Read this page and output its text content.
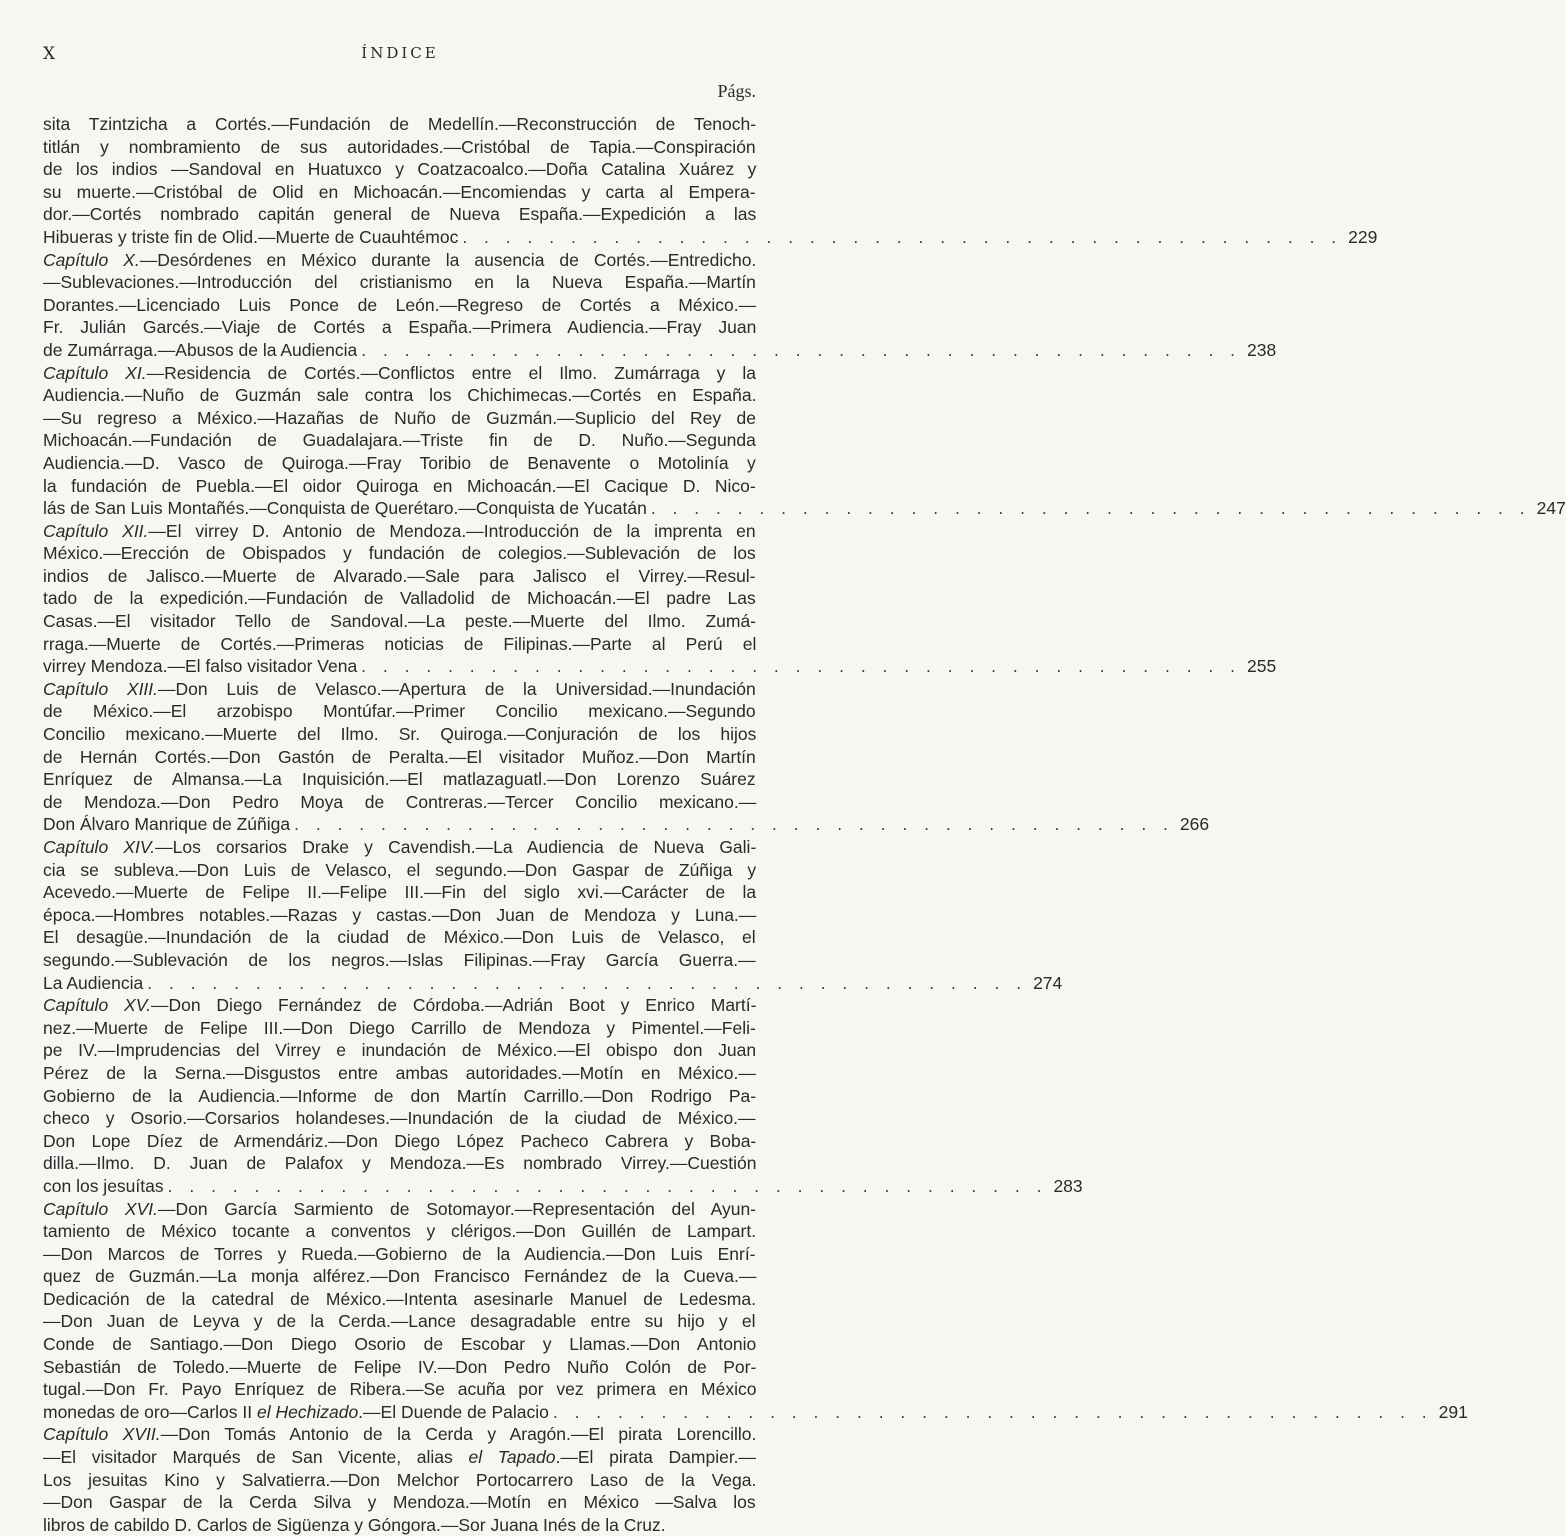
X	ÍNDICE
Págs.
sita Tzintzicha a Cortés.—Fundación de Medellín.—Reconstrucción de Tenoch-
titlán y nombramiento de sus autoridades.—Cristóbal de Tapia.—Conspiración
de los indios —Sandoval en Huatuxco y Coatzacoalco.—Doña Catalina Xuárez y
su muerte.—Cristóbal de Olid en Michoacán.—Encomiendas y carta al Empera-
dor.—Cortés nombrado capitán general de Nueva España.—Expedición a las
Hibueras y triste fin de Olid.—Muerte de Cuauhtémoc . . . . . . . . . . . . . . . . . . . . . . . . . . . . . . . . . . . . . . . . . 229
Capítulo X.—Desórdenes en México durante la ausencia de Cortés.—Entredicho.
—Sublevaciones.—Introducción del cristianismo en la Nueva España.—Martín
Dorantes.—Licenciado Luis Ponce de León.—Regreso de Cortés a México.—
Fr. Julián Garcés.—Viaje de Cortés a España.—Primera Audiencia.—Fray Juan
de Zumárraga.—Abusos de la Audiencia . . . . . . . . . . . . . . . . . . . . . . . . . . . . . . . . . . . . . . . . . 238
Capítulo XI.—Residencia de Cortés.—Conflictos entre el Ilmo. Zumárraga y la
Audiencia.—Nuño de Guzmán sale contra los Chichimecas.—Cortés en España.
—Su regreso a México.—Hazañas de Nuño de Guzmán.—Suplicio del Rey de
Michoacán.—Fundación de Guadalajara.—Triste fin de D. Nuño.—Segunda
Audiencia.—D. Vasco de Quiroga.—Fray Toribio de Benavente o Motolinía y
la fundación de Puebla.—El oidor Quiroga en Michoacán.—El Cacique D. Nico-
lás de San Luis Montañés.—Conquista de Querétaro.—Conquista de Yucatán . . . . . . . . . . . . . . . . . . . . . . . . . . . . . . . . . . . . . . . . . 247
Capítulo XII.—El virrey D. Antonio de Mendoza.—Introducción de la imprenta en
México.—Erección de Obispados y fundación de colegios.—Sublevación de los
indios de Jalisco.—Muerte de Alvarado.—Sale para Jalisco el Virrey.—Resul-
tado de la expedición.—Fundación de Valladolid de Michoacán.—El padre Las
Casas.—El visitador Tello de Sandoval.—La peste.—Muerte del Ilmo. Zumá-
rraga.—Muerte de Cortés.—Primeras noticias de Filipinas.—Parte al Perú el
virrey Mendoza.—El falso visitador Vena . . . . . . . . . . . . . . . . . . . . . . . . . . . . . . . . . . . . . . . . . 255
Capítulo XIII.—Don Luis de Velasco.—Apertura de la Universidad.—Inundación
de México.—El arzobispo Montúfar.—Primer Concilio mexicano.—Segundo
Concilio mexicano.—Muerte del Ilmo. Sr. Quiroga.—Conjuración de los hijos
de Hernán Cortés.—Don Gastón de Peralta.—El visitador Muñoz.—Don Martín
Enríquez de Almansa.—La Inquisición.—El matlazaguatl.—Don Lorenzo Suárez
de Mendoza.—Don Pedro Moya de Contreras.—Tercer Concilio mexicano.—
Don Álvaro Manrique de Zúñiga . . . . . . . . . . . . . . . . . . . . . . . . . . . . . . . . . . . . . . . . . 266
Capítulo XIV.—Los corsarios Drake y Cavendish.—La Audiencia de Nueva Gali-
cia se subleva.—Don Luis de Velasco, el segundo.—Don Gaspar de Zúñiga y
Acevedo.—Muerte de Felipe II.—Felipe III.—Fin del siglo xvi.—Carácter de la
época.—Hombres notables.—Razas y castas.—Don Juan de Mendoza y Luna.—
El desagüe.—Inundación de la ciudad de México.—Don Luis de Velasco, el
segundo.—Sublevación de los negros.—Islas Filipinas.—Fray García Guerra.—
La Audiencia . . . . . . . . . . . . . . . . . . . . . . . . . . . . . . . . . . . . . . . . . 274
Capítulo XV.—Don Diego Fernández de Córdoba.—Adrián Boot y Enrico Martí-
nez.—Muerte de Felipe III.—Don Diego Carrillo de Mendoza y Pimentel.—Feli-
pe IV.—Imprudencias del Virrey e inundación de México.—El obispo don Juan
Pérez de la Serna.—Disgustos entre ambas autoridades.—Motín en México.—
Gobierno de la Audiencia.—Informe de don Martín Carrillo.—Don Rodrigo Pa-
checo y Osorio.—Corsarios holandeses.—Inundación de la ciudad de México.—
Don Lope Díez de Armendáriz.—Don Diego López Pacheco Cabrera y Boba-
dilla.—Ilmo. D. Juan de Palafox y Mendoza.—Es nombrado Virrey.—Cuestión
con los jesuítas . . . . . . . . . . . . . . . . . . . . . . . . . . . . . . . . . . . . . . . . . 283
Capítulo XVI.—Don García Sarmiento de Sotomayor.—Representación del Ayun-
tamiento de México tocante a conventos y clérigos.—Don Guillén de Lampart.
—Don Marcos de Torres y Rueda.—Gobierno de la Audiencia.—Don Luis Enrí-
quez de Guzmán.—La monja alférez.—Don Francisco Fernández de la Cueva.—
Dedicación de la catedral de México.—Intenta asesinarle Manuel de Ledesma.
—Don Juan de Leyva y de la Cerda.—Lance desagradable entre su hijo y el
Conde de Santiago.—Don Diego Osorio de Escobar y Llamas.—Don Antonio
Sebastián de Toledo.—Muerte de Felipe IV.—Don Pedro Nuño Colón de Por-
tugal.—Don Fr. Payo Enríquez de Ribera.—Se acuña por vez primera en México
monedas de oro—Carlos II el Hechizado.—El Duende de Palacio . . . . . . . . . . . . . . . . . . . . . . . . . . . . . . . . . . . . . . . . . 291
Capítulo XVII.—Don Tomás Antonio de la Cerda y Aragón.—El pirata Lorencillo.
—El visitador Marqués de San Vicente, alias el Tapado.—El pirata Dampier.—
Los jesuitas Kino y Salvatierra.—Don Melchor Portocarrero Laso de la Vega.
—Don Gaspar de la Cerda Silva y Mendoza.—Motín en México —Salva los
libros de cabildo D. Carlos de Sigüenza y Góngora.—Sor Juana Inés de la Cruz.
